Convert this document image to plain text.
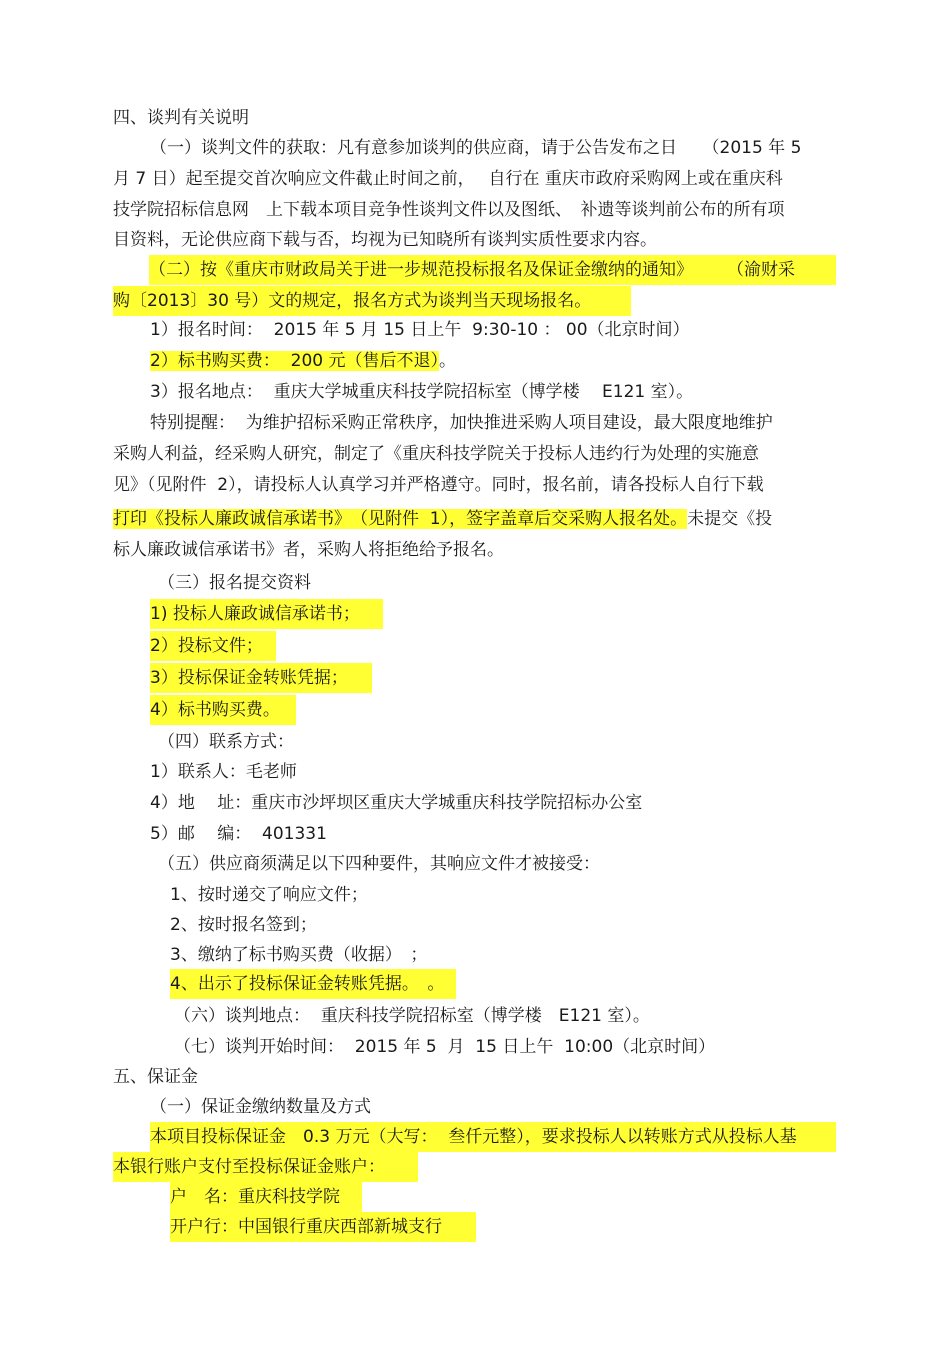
四、谈判有关说明
（一）谈判文件的获取：凡有意参加谈判的供应商，请于公告发布之日　　（2015 年 5
月 7 日）起至提交首次响应文件截止时间之前，　 自行在 重庆市政府采购网上或在重庆科
技学院招标信息网　上下载本项目竞争性谈判文件以及图纸、　补遗等谈判前公布的所有项
目资料，无论供应商下载与否，均视为已知晓所有谈判实质性要求内容。
（二）按《重庆市财政局关于进一步规范投标报名及保证金缴纳的通知》　　　（渝财采
购〔2013〕30 号）文的规定，报名方式为谈判当天现场报名。
1）报名时间：  2015 年 5 月 15 日上午  9:30-10 ： 00（北京时间）
2）标书购买费：  200 元（售后不退）。
3）报名地点：  重庆大学城重庆科技学院招标室（博学楼　 E121 室）。
特别提醒：  为维护招标采购正常秩序，加快推进采购人项目建设，最大限度地维护
采购人利益，经采购人研究，制定了《重庆科技学院关于投标人违约行为处理的实施意
见》（见附件  2），请投标人认真学习并严格遵守。同时，报名前，请各投标人自行下载
打印《投标人廉政诚信承诺书》　（见附件  1），签字盖章后交采购人报名处。未提交《投
标人廉政诚信承诺书》者，采购人将拒绝给予报名。
（三）报名提交资料
1) 投标人廉政诚信承诺书；
2）投标文件；
3）投标保证金转账凭据；
4）标书购买费。
（四）联系方式：
1）联系人：毛老师
4）地　 址：重庆市沙坪坝区重庆大学城重庆科技学院招标办公室
5）邮　 编：  401331
（五）供应商须满足以下四种要件，其响应文件才被接受：
1、按时递交了响应文件；
2、按时报名签到；
3、缴纳了标书购买费（收据）　；
4、出示了投标保证金转账凭据。　。
（六）谈判地点：  重庆科技学院招标室（博学楼　E121 室）。
（七）谈判开始时间：  2015 年 5  月  15 日上午  10:00（北京时间）
五、保证金
（一）保证金缴纳数量及方式
本项目投标保证金　0.3 万元（大写：  叁仟元整），要求投标人以转账方式从投标人基
本银行账户支付至投标保证金账户：
户　名：重庆科技学院
开户行：中国银行重庆西部新城支行
